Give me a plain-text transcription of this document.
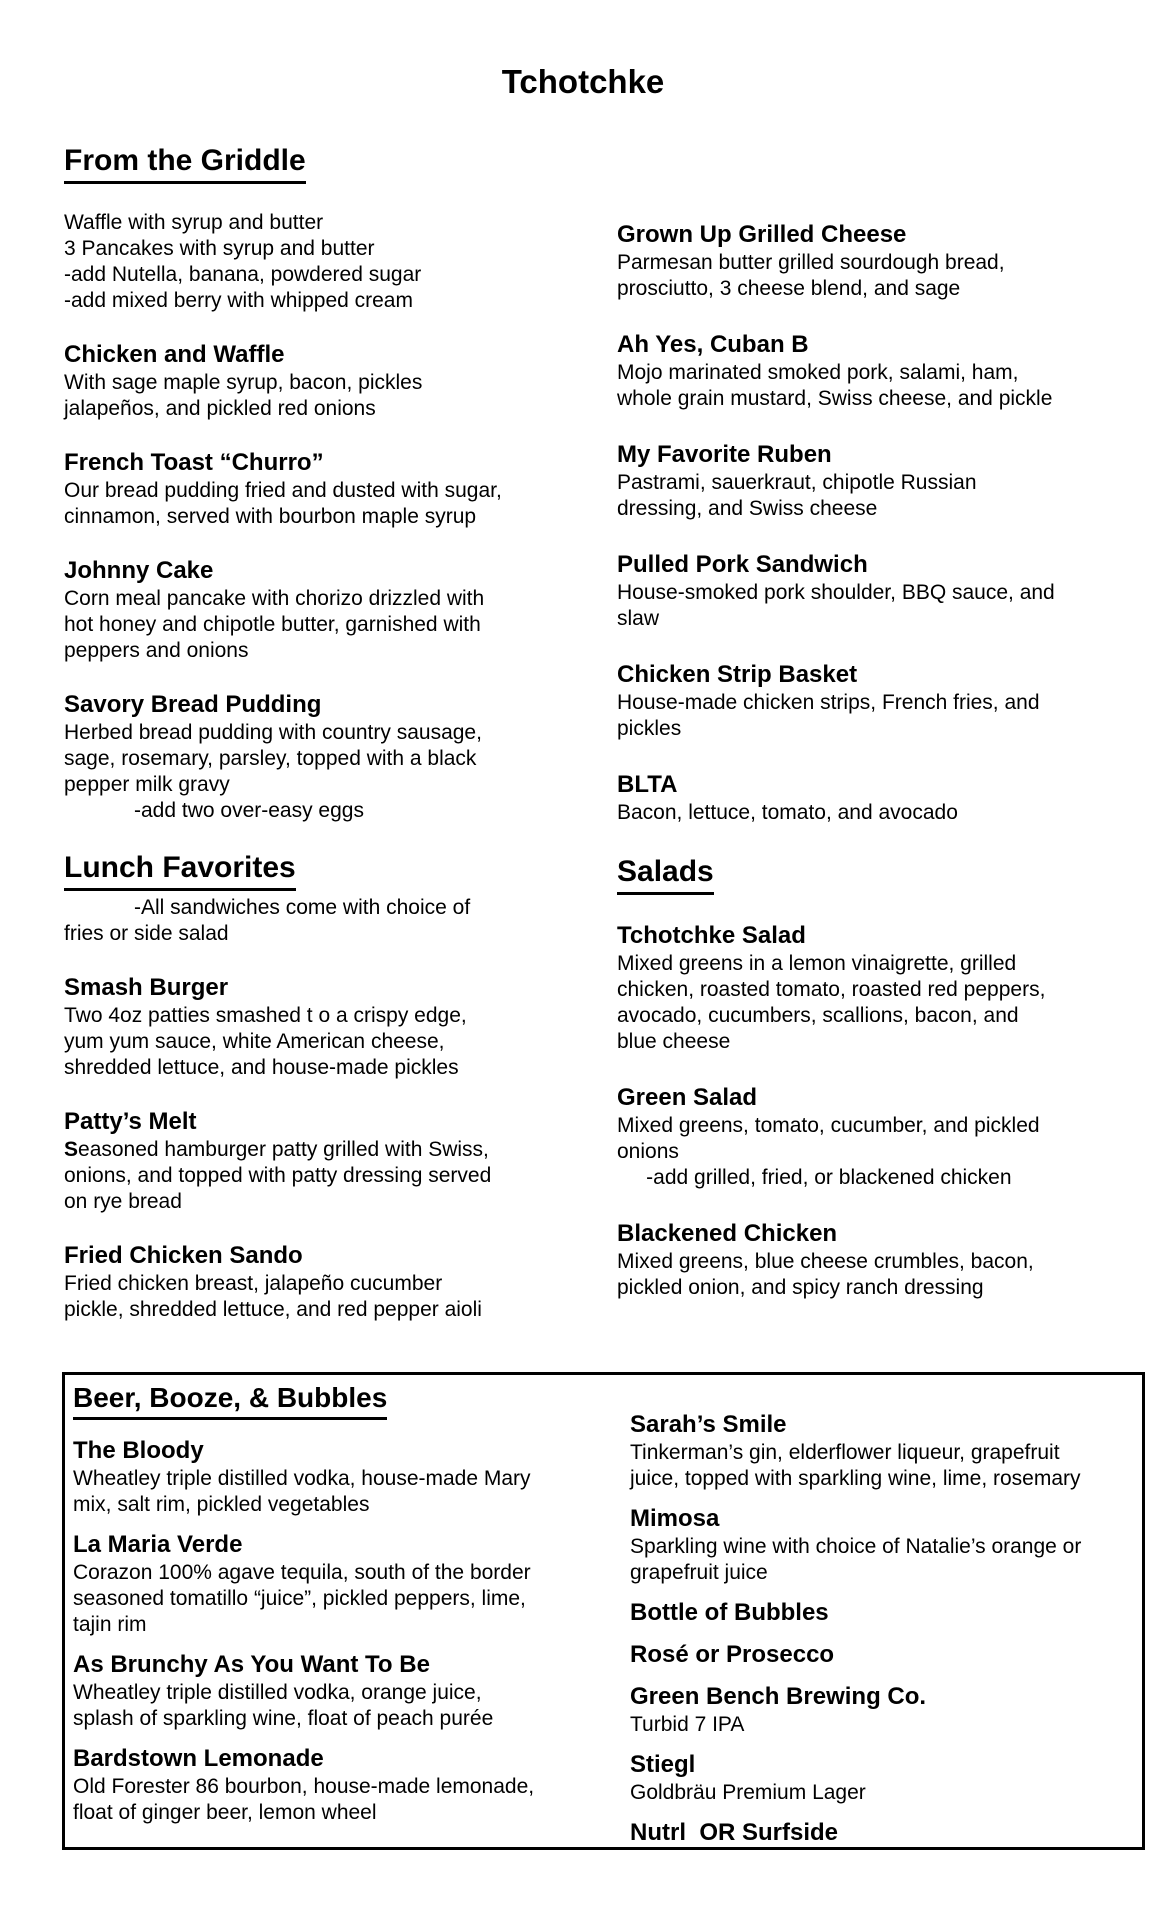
Tchotchke
From the Griddle
Waffle with syrup and butter
3 Pancakes with syrup and butter
-add Nutella, banana, powdered sugar
-add mixed berry with whipped cream
Chicken and Waffle
With sage maple syrup, bacon, pickles
jalapeños, and pickled red onions
French Toast “Churro”
Our bread pudding fried and dusted with sugar,
cinnamon, served with bourbon maple syrup
Johnny Cake
Corn meal pancake with chorizo drizzled with
hot honey and chipotle butter, garnished with
peppers and onions
Savory Bread Pudding
Herbed bread pudding with country sausage,
sage, rosemary, parsley, topped with a black
pepper milk gravy
-add two over-easy eggs
Lunch Favorites
-All sandwiches come with choice of
fries or side salad
Smash Burger
Two 4oz patties smashed t o a crispy edge,
yum yum sauce, white American cheese,
shredded lettuce, and house-made pickles
Patty’s Melt
Seasoned hamburger patty grilled with Swiss,
onions, and topped with patty dressing served
on rye bread
Fried Chicken Sando
Fried chicken breast, jalapeño cucumber
pickle, shredded lettuce, and red pepper aioli
Grown Up Grilled Cheese
Parmesan butter grilled sourdough bread,
prosciutto, 3 cheese blend, and sage
Ah Yes, Cuban B
Mojo marinated smoked pork, salami, ham,
whole grain mustard, Swiss cheese, and pickle
My Favorite Ruben
Pastrami, sauerkraut, chipotle Russian
dressing, and Swiss cheese
Pulled Pork Sandwich
House-smoked pork shoulder, BBQ sauce, and
slaw
Chicken Strip Basket
House-made chicken strips, French fries, and
pickles
BLTA
Bacon, lettuce, tomato, and avocado
Salads
Tchotchke Salad
Mixed greens in a lemon vinaigrette, grilled
chicken, roasted tomato, roasted red peppers,
avocado, cucumbers, scallions, bacon, and
blue cheese
Green Salad
Mixed greens, tomato, cucumber, and pickled
onions
-add grilled, fried, or blackened chicken
Blackened Chicken
Mixed greens, blue cheese crumbles, bacon,
pickled onion, and spicy ranch dressing
Beer, Booze, & Bubbles
The Bloody
Wheatley triple distilled vodka, house-made Mary
mix, salt rim, pickled vegetables
La Maria Verde
Corazon 100% agave tequila, south of the border
seasoned tomatillo “juice”, pickled peppers, lime,
tajin rim
As Brunchy As You Want To Be
Wheatley triple distilled vodka, orange juice,
splash of sparkling wine, float of peach purée
Bardstown Lemonade
Old Forester 86 bourbon, house-made lemonade,
float of ginger beer, lemon wheel
Sarah’s Smile
Tinkerman’s gin, elderflower liqueur, grapefruit
juice, topped with sparkling wine, lime, rosemary
Mimosa
Sparkling wine with choice of Natalie’s orange or
grapefruit juice
Bottle of Bubbles
Rosé or Prosecco
Green Bench Brewing Co.
Turbid 7 IPA
Stiegl
Goldbräu Premium Lager
Nutrl  OR Surfside
